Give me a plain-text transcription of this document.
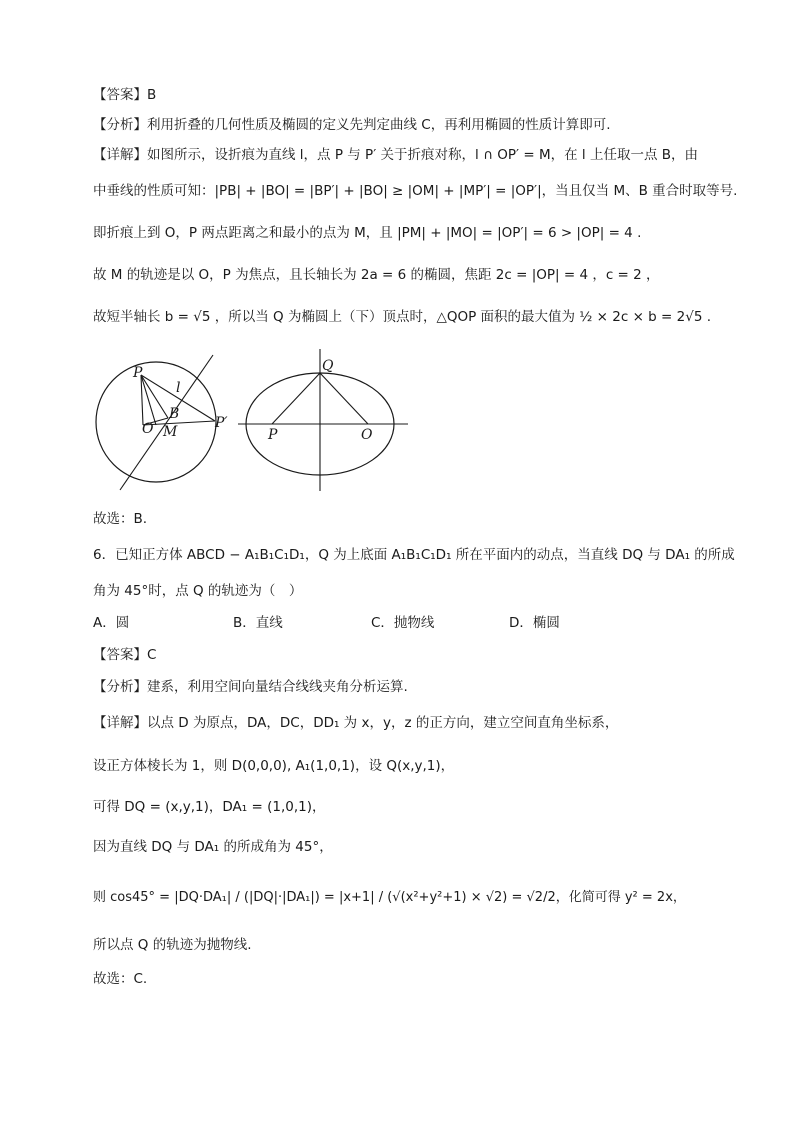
【答案】B
【分析】利用折叠的几何性质及椭圆的定义先判定曲线 C，再利用椭圆的性质计算即可.
【详解】如图所示，设折痕为直线 l，点 P 与 P′ 关于折痕对称，l ∩ OP′ = M，在 l 上任取一点 B，由
中垂线的性质可知：|PB| + |BO| = |BP′| + |BO| ≥ |OM| + |MP′| = |OP′|，当且仅当 M、B 重合时取等号.
即折痕上到 O，P 两点距离之和最小的点为 M，且 |PM| + |MO| = |OP′| = 6 > |OP| = 4 .
故 M 的轨迹是以 O，P 为焦点，且长轴长为 2a = 6 的椭圆，焦距 2c = |OP| = 4 ，c = 2 ，
故短半轴长 b = √5 ，所以当 Q 为椭圆上（下）顶点时，△QOP 面积的最大值为 ½ × 2c × b = 2√5 .
P
l
B
O M
P′
Q
P	O
故选：B.
6．已知正方体 ABCD − A₁B₁C₁D₁，Q 为上底面 A₁B₁C₁D₁ 所在平面内的动点，当直线 DQ 与 DA₁ 的所成
角为 45°时，点 Q 的轨迹为（　）
A．圆	B．直线	C．抛物线	D．椭圆
【答案】C
【分析】建系，利用空间向量结合线线夹角分析运算.
【详解】以点 D 为原点，DA，DC，DD₁ 为 x，y，z 的正方向，建立空间直角坐标系，
设正方体棱长为 1，则 D(0,0,0), A₁(1,0,1)，设 Q(x,y,1)，
可得 DQ = (x,y,1)，DA₁ = (1,0,1)，
因为直线 DQ 与 DA₁ 的所成角为 45°，
则 cos45° = |DQ·DA₁| / (|DQ|·|DA₁|) = |x+1| / (√(x²+y²+1) × √2) = √2/2，化简可得 y² = 2x，
所以点 Q 的轨迹为抛物线.
故选：C.
